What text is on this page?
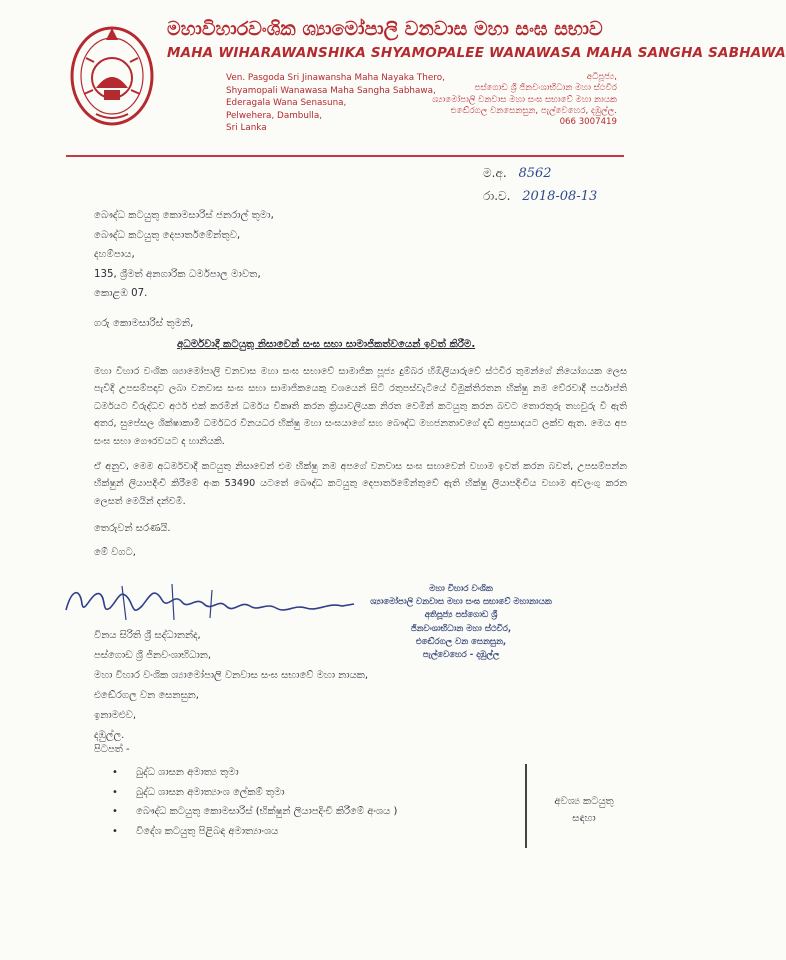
මහාවිහාරවංශික ශ්‍යාමෝපාලි වනවාස මහා සංඝ සභාව
MAHA WIHARAWANSHIKA SHYAMOPALEE WANAWASA MAHA SANGHA SABHAWA
Ven. Pasgoda Sri Jinawansha Maha Nayaka Thero,
Shyamopali Wanawasa Maha Sangha Sabhawa,
Ederagala Wana Senasuna,
Pelwehera, Dambulla,
Sri Lanka
අධිපූජ්‍ය,
පස්ගොඩ ශ්‍රී ජිනවංශාභිධාන මහා ස්ථවිර
ශ්‍යාමෝපාලි වනවාස මහා සංඝ සභාවේ මහා නායක
එඬේරගල වනසෙනසුන, පැල්වෙහෙර, දඹුල්ල.
066 3007419
ම.අ. 8562
රා.ව. 2018-08-13
බෞද්ධ කටයුතු කොමසාරිස් ජනරාල් තුමා,
බෞද්ධ කටයුතු දෙපාර්තමේන්තුව,
දහම්පාය,
135, ශ්‍රීමත් අනගාරික ධර්මපාල මාවත,
කොළඹ 07.
ගරු කොමසාරිස් තුමනි,
අධර්මවාදී කටයුතු නිසාවෙන් සංඝ සභා සාමාජිකත්වයෙන් ඉවත් කිරීම.
මහා විහාර වංශික ශ්‍යාමෝපාලි වනවාස මහා සංඝ සභාවේ සාමාජික පූජ්‍ය දුම්බර හිඹිලියාරුවේ ස්ථවිර තුමන්ගේ නියෝගයක ලෙස පැවිදි උපසම්පදාව ලබා වනවාස සංඝ සභා සාමාජිකයෙකු වශයෙන් සිටි රතුපස්වැටියේ විමුක්තිරතන භික්ෂු නම වේරවාදී පර්යාප්ති ධර්මයට විරුද්ධව අර්ථ එක් කරමින් ධර්මය විකෘති කරන ක්‍රියාවලියක නිරත වෙමින් කටයුතු කරන බවට තොරතුරු තහවුරු වී ඇති අතර, සුපේසල ශික්ෂාකාමී ධර්මධර විනයධර භික්ෂු මහා සංඝයාගේ සහ බෞද්ධ මහජනතාවගේ දැඩි අප්‍රසාදයට ලක්ව ඇත. මෙය අප සංඝ සභා ගෞරවයට ද හානියකි.
ඒ අනුව, මෙම අධර්මවාදී කටයුතු නිසාවෙන් එම භික්ෂු නම අපගේ වනවාස සංඝ සභාවෙන් වහාම ඉවත් කරන බවත්, උපසම්පන්න භික්ෂුන් ලියාපදිංචි කිරීමේ අංක 53490 යටතේ බෞද්ධ කටයුතු දෙපාර්තමේන්තුවේ ඇති භික්ෂු ලියාපදිංචිය වහාම අවලංගු කරන ලෙසත් මෙයින් දන්වමි.
තෙරුවන් සරණයි.
මේ වගට,
මහා විහාර වංශික
ශ්‍යාමෝපාලි වනවාස මහා සංඝ සභාවේ මහානායක
අතිපූජ්‍ය පස්ගොඩ ශ්‍රී
ජිනවංශාභිධාන මහා ස්ථවිර,
එඬේරගල වන සෙනසුන,
පැල්වෙහෙර - දඹුල්ල
විනය සිරිති ශ්‍රී සද්ධානන්ද,
පස්ගොඩ ශ්‍රී ජිනවංශාභිධාන,
මහා විහාර වංශික ශ්‍යාමෝපාලි වනවාස සංඝ සභාවේ මහා නායක,
එඬේරගල වන සෙනසුන,
ඉනාමළුව,
දඹුල්ල.
පිටපත් -
• බුද්ධ ශාසන අමාත්‍ය තුමා
• බුද්ධ ශාසන අමාත්‍යාංශ ලේකම් තුමා
• බෞද්ධ කටයුතු කොමසාරිස් (භික්ෂුන් ලියාපදිංචි කිරීමේ අංශය )
• විදේශ කටයුතු පිළිබඳ අමාත්‍යාංශය
අවශ්‍ය කටයුතු සඳහා
